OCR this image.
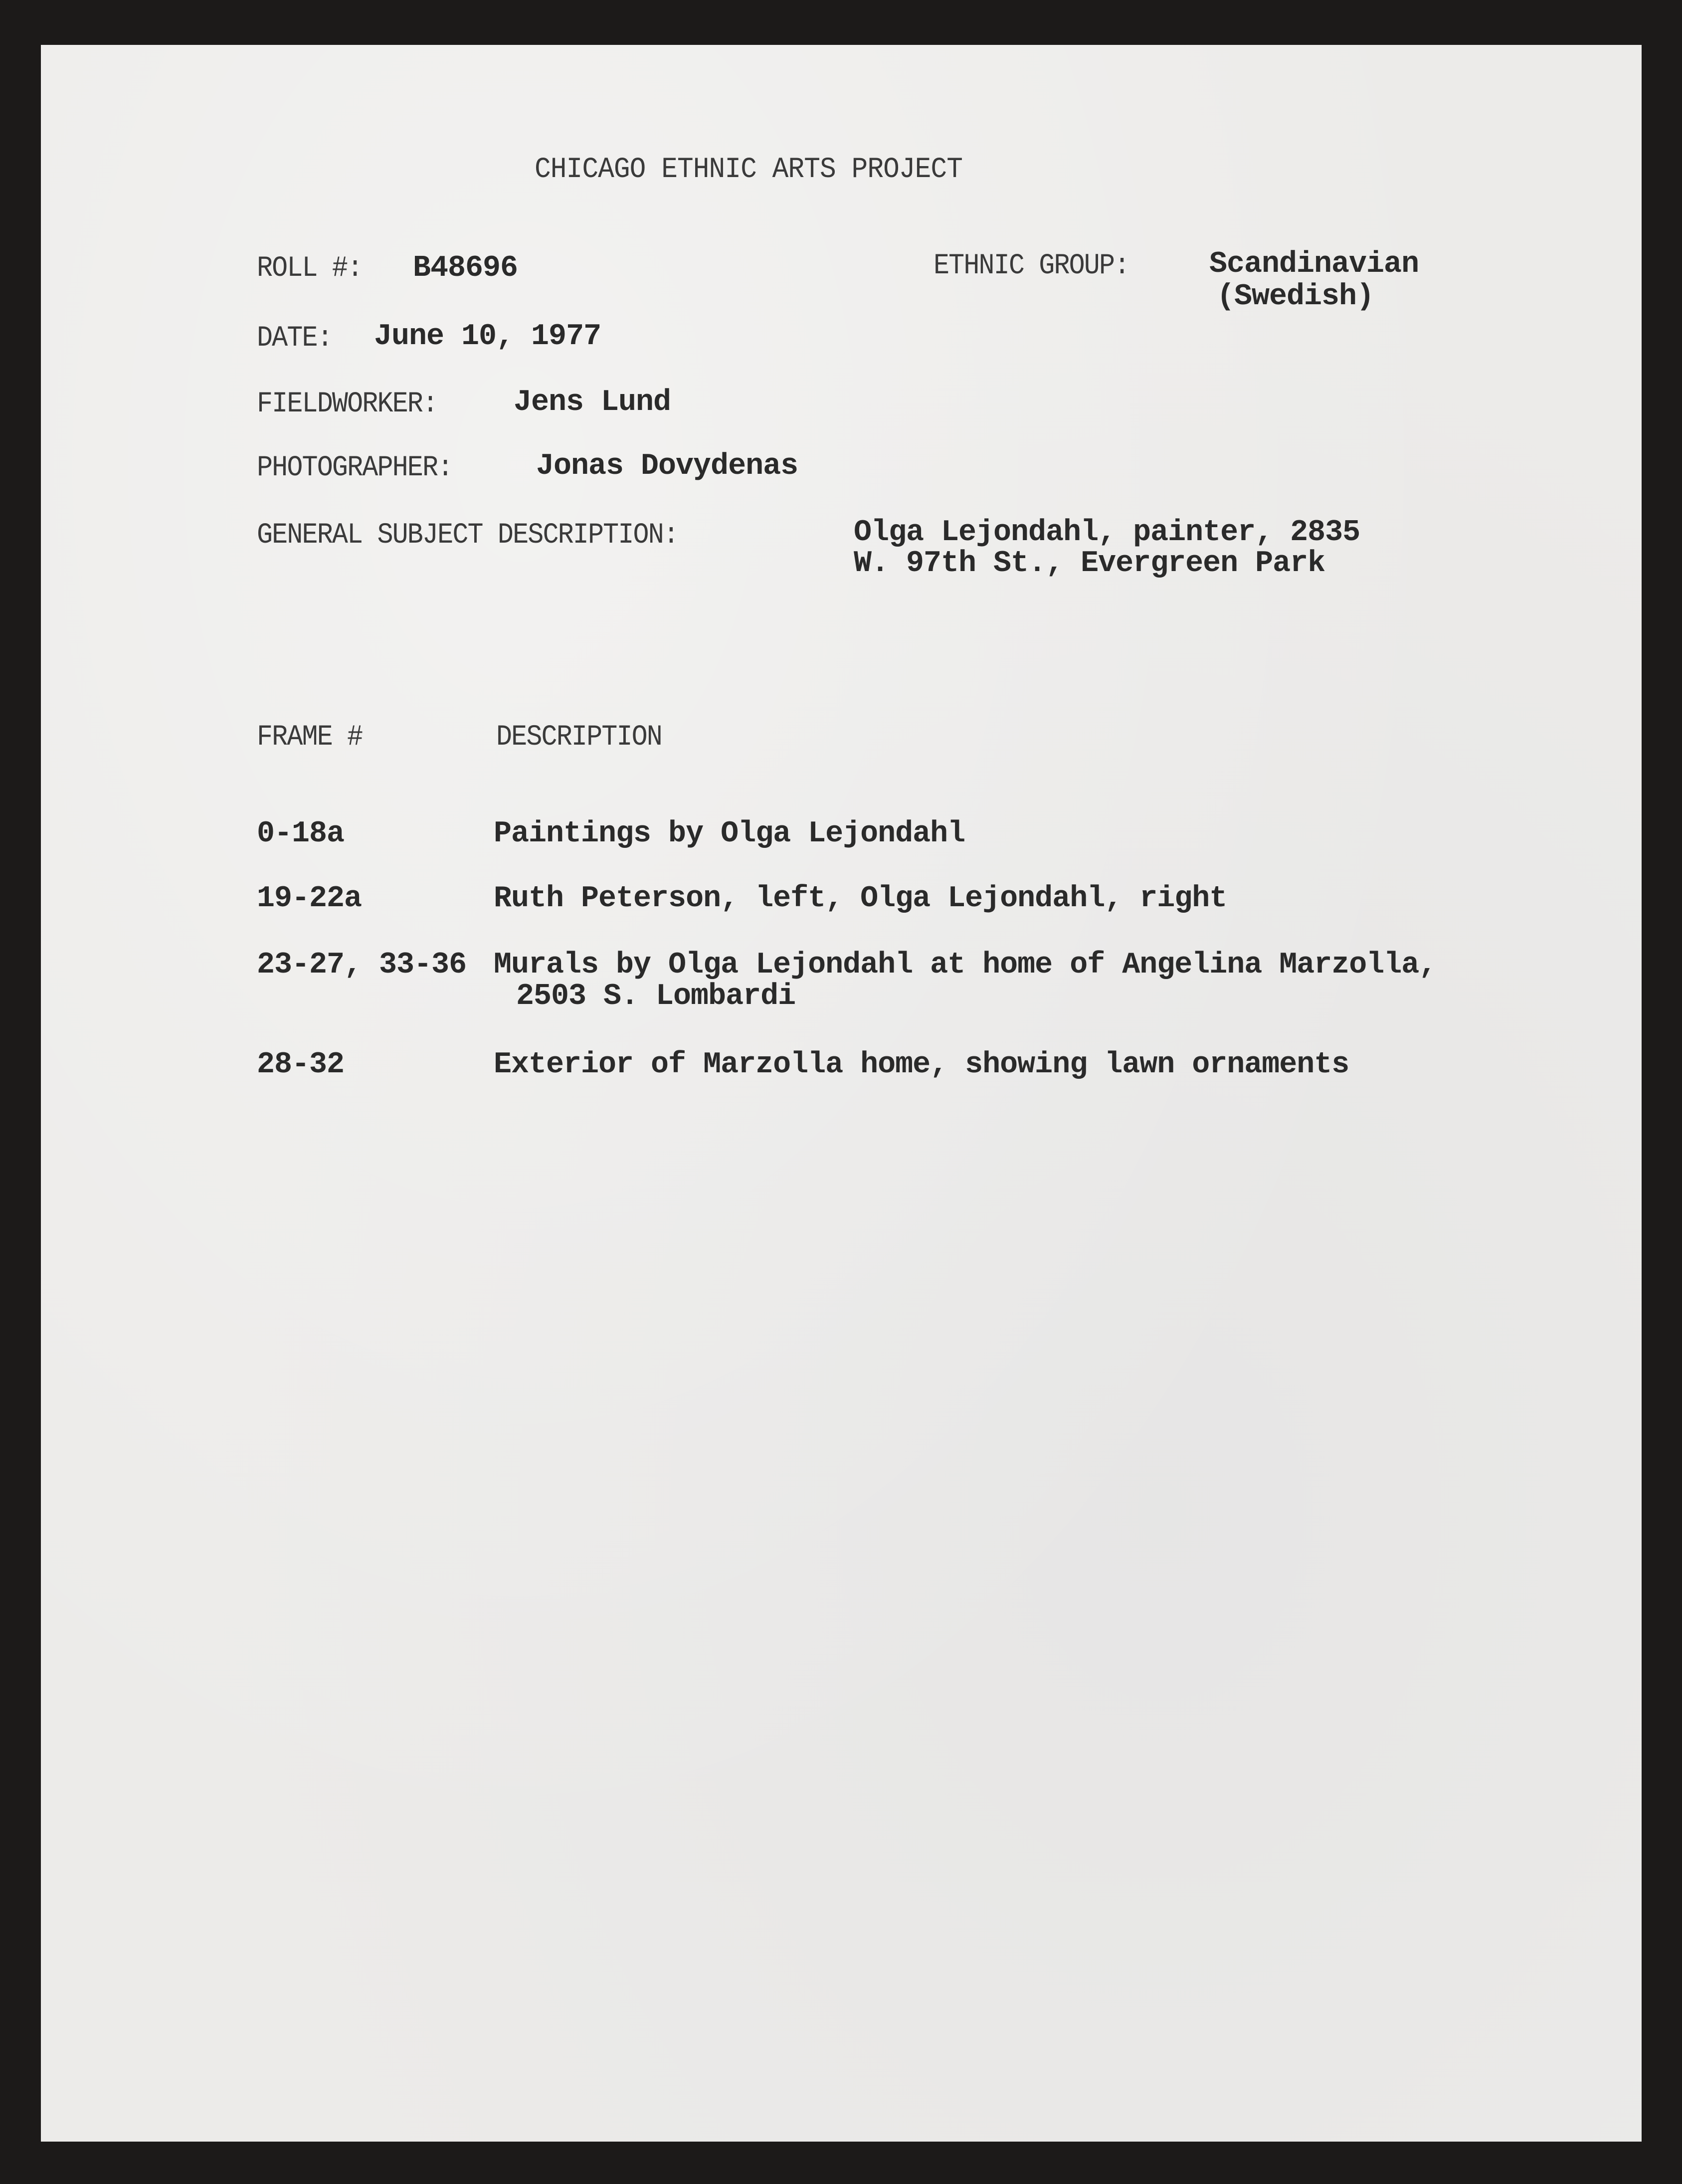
CHICAGO ETHNIC ARTS PROJECT
ROLL #: B48696	ETHNIC GROUP:	Scandinavian
(Swedish)
DATE: June 10, 1977
FIELDWORKER:	Jens Lund
PHOTOGRAPHER:	Jonas Dovydenas
GENERAL SUBJECT DESCRIPTION:	Olga Lejondahl, painter, 2835
W. 97th St., Evergreen Park
FRAME #	DESCRIPTION
0-18a	Paintings by Olga Lejondahl
19-22a	Ruth Peterson, left, Olga Lejondahl, right
23-27, 33-36 Murals by Olga Lejondahl at home of Angelina Marzolla,
2503 S. Lombardi
28-32	Exterior of Marzolla home, showing lawn ornaments
